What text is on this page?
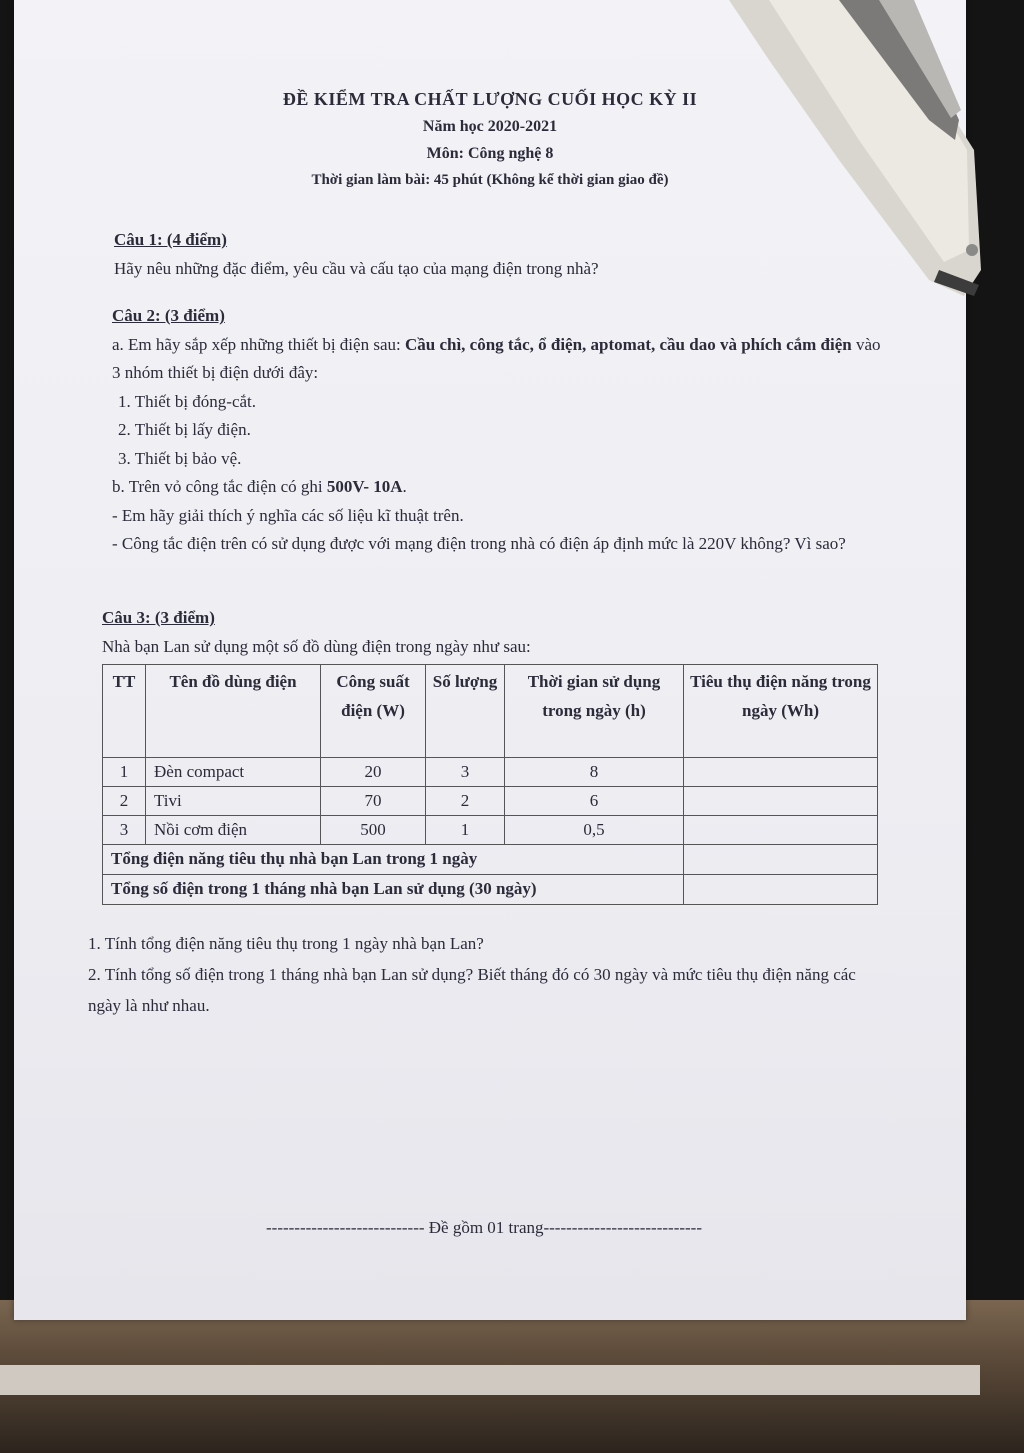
ĐỀ KIỂM TRA CHẤT LƯỢNG CUỐI HỌC KỲ II
Năm học 2020-2021
Môn: Công nghệ 8
Thời gian làm bài: 45 phút (Không kể thời gian giao đề)
Câu 1: (4 điểm)
Hãy nêu những đặc điểm, yêu cầu và cấu tạo của mạng điện trong nhà?
Câu 2: (3 điểm)
a. Em hãy sắp xếp những thiết bị điện sau: Cầu chì, công tắc, ổ điện, aptomat, cầu dao và phích cắm điện vào 3 nhóm thiết bị điện dưới đây:
1. Thiết bị đóng-cắt.
2. Thiết bị lấy điện.
3. Thiết bị bảo vệ.
b. Trên vỏ công tắc điện có ghi 500V- 10A.
- Em hãy giải thích ý nghĩa các số liệu kĩ thuật trên.
- Công tắc điện trên có sử dụng được với mạng điện trong nhà có điện áp định mức là 220V không? Vì sao?
Câu 3: (3 điểm)
Nhà bạn Lan sử dụng một số đồ dùng điện trong ngày như sau:
TT	Tên đồ dùng điện	Công suất điện (W)	Số lượng	Thời gian sử dụng trong ngày (h)	Tiêu thụ điện năng trong ngày (Wh)
1	Đèn compact	20	3	8	
2	Tivi	70	2	6	
3	Nồi cơm điện	500	1	0,5	
Tổng điện năng tiêu thụ nhà bạn Lan trong 1 ngày					
Tổng số điện trong 1 tháng nhà bạn Lan sử dụng (30 ngày)					
1. Tính tổng điện năng tiêu thụ trong 1 ngày nhà bạn Lan?
2. Tính tổng số điện trong 1 tháng nhà bạn Lan sử dụng? Biết tháng đó có 30 ngày và mức tiêu thụ điện năng các ngày là như nhau.
---------------------------- Đề gồm 01 trang----------------------------
